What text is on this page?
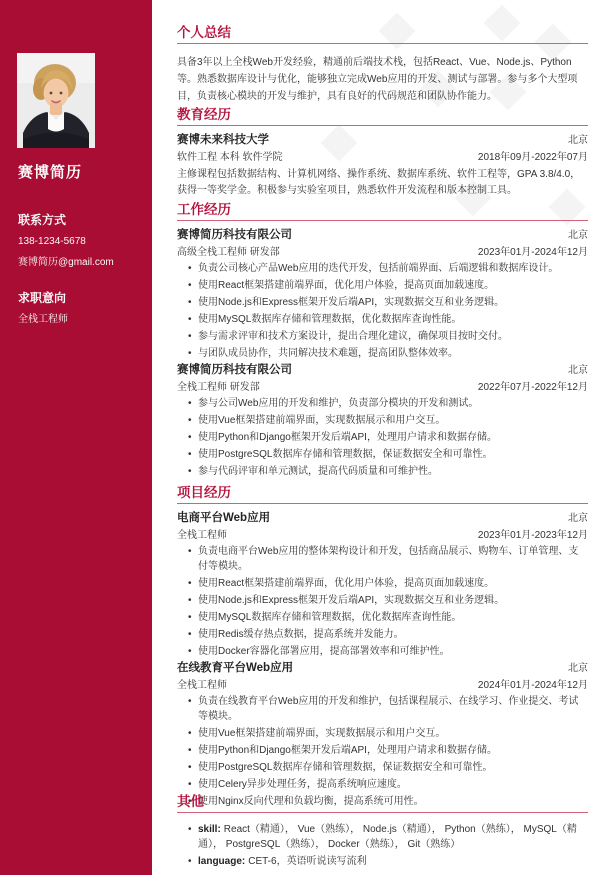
赛博简历
联系方式
138-1234-5678
赛博简历@gmail.com
求职意向
全栈工程师
个人总结

具备3年以上全栈Web开发经验，精通前后端技术栈，包括React、Vue、Node.js、Python等。熟悉数据库设计与优化，能够独立完成Web应用的开发、测试与部署。参与多个大型项目，负责核心模块的开发与维护，具有良好的代码规范和团队协作能力。

教育经历
赛博未来科技大学	北京
软件工程 本科 软件学院	2018年09月-2022年07月
主修课程包括数据结构、计算机网络、操作系统、数据库系统、软件工程等，GPA 3.8/4.0，获得一等奖学金。积极参与实验室项目，熟悉软件开发流程和版本控制工具。
工作经历
赛博简历科技有限公司	北京
高级全栈工程师 研发部	2023年01月-2024年12月
• 负责公司核心产品Web应用的迭代开发，包括前端界面、后端逻辑和数据库设计。
• 使用React框架搭建前端界面，优化用户体验，提高页面加载速度。
• 使用Node.js和Express框架开发后端API，实现数据交互和业务逻辑。
• 使用MySQL数据库存储和管理数据，优化数据库查询性能。
• 参与需求评审和技术方案设计，提出合理化建议，确保项目按时交付。
• 与团队成员协作，共同解决技术难题，提高团队整体效率。
赛博简历科技有限公司	北京
全栈工程师 研发部	2022年07月-2022年12月
• 参与公司Web应用的开发和维护，负责部分模块的开发和测试。
• 使用Vue框架搭建前端界面，实现数据展示和用户交互。
• 使用Python和Django框架开发后端API，处理用户请求和数据存储。
• 使用PostgreSQL数据库存储和管理数据，保证数据安全和可靠性。
• 参与代码评审和单元测试，提高代码质量和可维护性。
项目经历
电商平台Web应用	北京
全栈工程师	2023年01月-2023年12月
• 负责电商平台Web应用的整体架构设计和开发，包括商品展示、购物车、订单管理、支付等模块。
• 使用React框架搭建前端界面，优化用户体验，提高页面加载速度。
• 使用Node.js和Express框架开发后端API，实现数据交互和业务逻辑。
• 使用MySQL数据库存储和管理数据，优化数据库查询性能。
• 使用Redis缓存热点数据，提高系统并发能力。
• 使用Docker容器化部署应用，提高部署效率和可维护性。
在线教育平台Web应用	北京
全栈工程师	2024年01月-2024年12月
• 负责在线教育平台Web应用的开发和维护，包括课程展示、在线学习、作业提交、考试等模块。
• 使用Vue框架搭建前端界面，实现数据展示和用户交互。
• 使用Python和Django框架开发后端API，处理用户请求和数据存储。
• 使用PostgreSQL数据库存储和管理数据，保证数据安全和可靠性。
• 使用Celery异步处理任务，提高系统响应速度。
• 使用Nginx反向代理和负载均衡，提高系统可用性。
其他
• skill: React（精通）， Vue（熟练）， Node.js（精通）， Python（熟练）， MySQL（精通）， PostgreSQL（熟练）， Docker（熟练）， Git（熟练）
• language: CET-6，英语听说读写流利
